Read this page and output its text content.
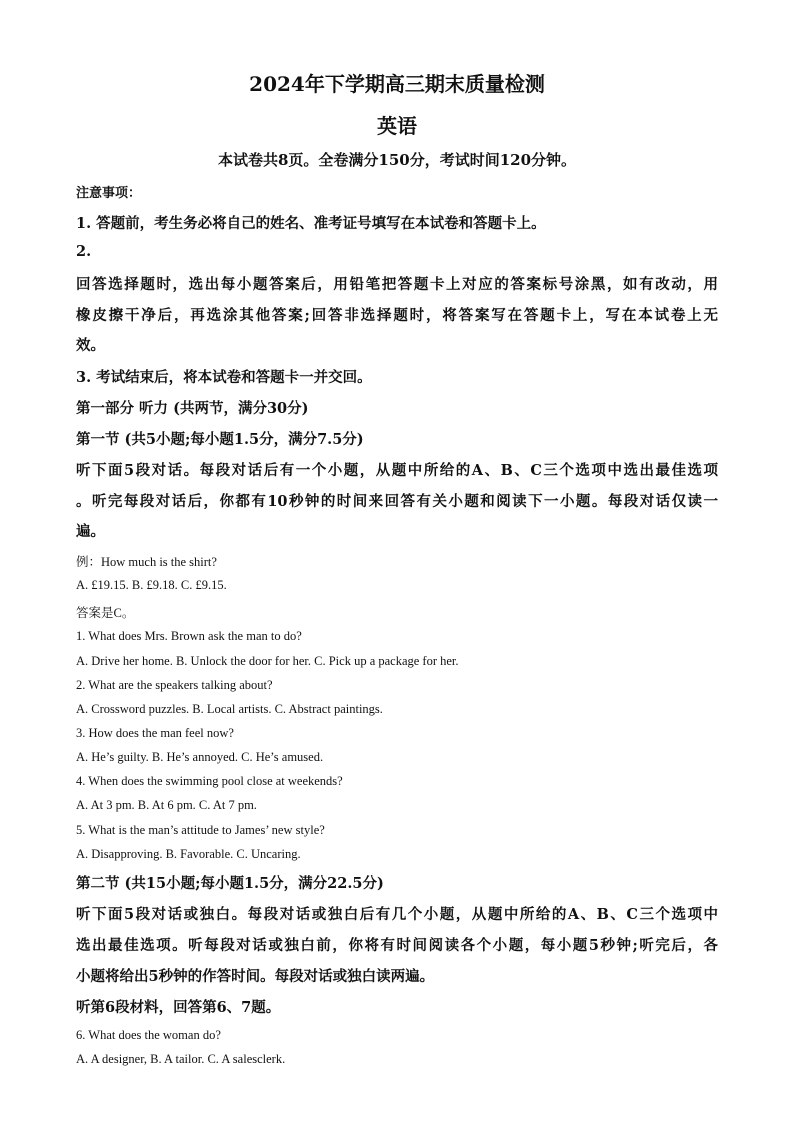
2024年下学期高三期末质量检测
英语
本试卷共8页。全卷满分150分，考试时间120分钟。
注意事项：
1. 答题前，考生务必将自己的姓名、准考证号填写在本试卷和答题卡上。
2.
回答选择题时，选出每小题答案后，用铅笔把答题卡上对应的答案标号涂黑，如有改动，用
橡皮擦干净后，再选涂其他答案;回答非选择题时，将答案写在答题卡上，写在本试卷上无
效。
3. 考试结束后，将本试卷和答题卡一并交回。
第一部分 听力 (共两节，满分30分)
第一节 (共5小题;每小题1.5分，满分7.5分)
听下面5段对话。每段对话后有一个小题，从题中所给的A、B、C三个选项中选出最佳选项
。听完每段对话后，你都有10秒钟的时间来回答有关小题和阅读下一小题。每段对话仅读一
遍。
例：How much is the shirt?
A. £19.15. B. £9.18. C. £9.15.
答案是C。
1. What does Mrs. Brown ask the man to do?
A. Drive her home. B. Unlock the door for her. C. Pick up a package for her.
2. What are the speakers talking about?
A. Crossword puzzles. B. Local artists. C. Abstract paintings.
3. How does the man feel now?
A. He’s guilty. B. He’s annoyed. C. He’s amused.
4. When does the swimming pool close at weekends?
A. At 3 pm. B. At 6 pm. C. At 7 pm.
5. What is the man’s attitude to James’ new style?
A. Disapproving. B. Favorable. C. Uncaring.
第二节 (共15小题;每小题1.5分，满分22.5分)
听下面5段对话或独白。每段对话或独白后有几个小题，从题中所给的A、B、C三个选项中
选出最佳选项。听每段对话或独白前，你将有时间阅读各个小题，每小题5秒钟;听完后，各
小题将给出5秒钟的作答时间。每段对话或独白读两遍。
听第6段材料，回答第6、7题。
6. What does the woman do?
A. A designer, B. A tailor. C. A salesclerk.
